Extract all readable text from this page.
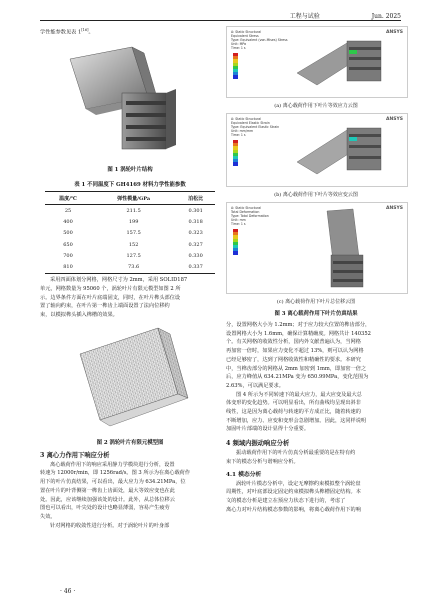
工程与试验	Jun. 2025

学性能参数见表 1[16]。

图 1 涡轮叶片结构
表 1 不同温度下 GH4169 材料力学性能参数
温度/℃	弹性模量/GPa	泊松比
25	211.5	0.301
400	199	0.318
500	157.5	0.323
650	152	0.327
700	127.5	0.330
810	73.6	0.337

采用四面体划分网格，网格尺寸为 2mm，采用 SOLID187

单元，网格数量为 95060 个，涡轮叶片有限元模型如图 2 所

示。边界条件方面在叶片底端固支，同时，在叶片榫头部位设

置了轴向约束，在叶片第一榫齿上端面设置了法向位移约

束，以模拟榫头插入榫槽的效果。

图 2 涡轮叶片有限元模型图
3 离心力作用下响应分析

离心载荷作用下的响应采用静力学模块进行分析，设置

转速为 12000r/min，即 1256rad/s。图 3 所示为在离心载荷作

用下的叶片仿真结果，可以看出，最大应力为 634.21MPa，位

置在叶片的叶背侧第一榫齿上齿面处，最大等效应变也在此

处。因此，应该继续加强该处的设计。此外，从总体位移云

图也可以看出，叶尖处的设计也略显薄弱，容易产生疲劳

失效。

针对网格的收敛性进行分析。对于涡轮叶片的叶身部

· 46 ·
A: Static Structural
Equivalent Stress
Type: Equivalent (von-Mises) Stress
Unit: MPa
Time: 1 s
ANSYS
(a) 离心载荷作用下叶片等效应力云图
A: Static Structural
Equivalent Elastic Strain
Type: Equivalent Elastic Strain
Unit: mm/mm
Time: 1 s
ANSYS
(b) 离心载荷作用下叶片等效应变云图
A: Static Structural
Total Deformation
Type: Total Deformation
Unit: mm
Time: 1 s
ANSYS
(c) 离心载荷作用下叶片总位移云图
图 3 离心载荷作用下叶片仿真结果

分，设置网格大小为 1.2mm；对于应力较大位置的榫齿部分，

设置网格大小为 1.6mm，确保计算精确度。网格共计 140352

个。有关网格的收敛性分析，国内外文献普遍认为，当网格

再加密一倍时，如果应力变化不超过 13%，则可以认为网格

已经足够密了，达到了网格收敛性和精确性的要求。本研究

中，当榫齿部分的网格从 2mm 加密到 1mm，即加密一倍之

后，应力峰值从 634.21MPa 变为 650.99MPa，变化范围为

2.63%，可以满足要求。

图 4 所示为不同转速下的最大应力，最大应变及最大总

体变形的变化趋势。可以明显看出，所有曲线均呈现出斜非

线性，这是因为离心载荷与转速的平方成正比，随着转速的

不断增加，应力、应变和变形会急剧增加。因此，这同样说明

加固叶片部端的设计显得十分重要。

4 频域内振动响应分析

振动载荷作用下的叶片仿真分析最重要的是在特有约

束下的模态分析与谐响应分析。

4.1 模态分析

涡轮叶片模态分析中，设定无摩擦约束模拟整个涡轮盘

周期性，对叶底部设定固定约束模拟榫头榫槽固定结构。本

文的模态分析是建立在预应力状态下进行的，考虑了

离心力对叶片结构模态参数的影响，将离心载荷作用下的响
